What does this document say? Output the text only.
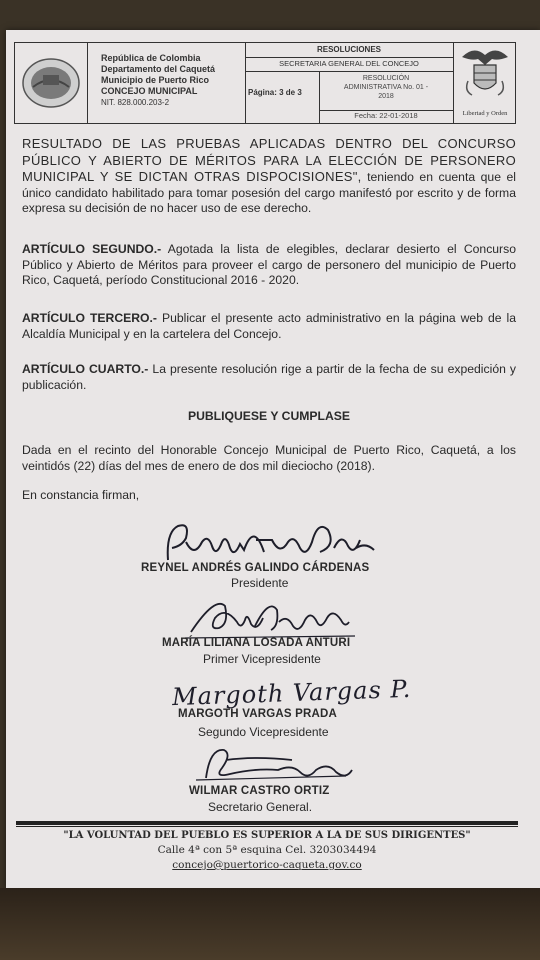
República de Colombia
Departamento del Caquetá
Municipio de Puerto Rico
CONCEJO MUNICIPAL
NIT. 828.000.203-2
RESOLUCIONES
SECRETARIA GENERAL DEL CONCEJO
Página: 3 de 3
RESOLUCIÓN
ADMINISTRATIVA No. 01 -
2018
Fecha: 22-01-2018	Libertad y Orden
RESULTADO DE LAS PRUEBAS APLICADAS DENTRO DEL CONCURSO PÚBLICO Y ABIERTO DE MÉRITOS PARA LA ELECCIÓN DE PERSONERO MUNICIPAL Y SE DICTAN OTRAS DISPOCISIONES", teniendo en cuenta que el único candidato habilitado para tomar posesión del cargo manifestó por escrito y de forma expresa su decisión de no hacer uso de ese derecho.
ARTÍCULO SEGUNDO.- Agotada la lista de elegibles, declarar desierto el Concurso Público y Abierto de Méritos para proveer el cargo de personero del municipio de Puerto Rico, Caquetá, período Constitucional 2016 - 2020.
ARTÍCULO TERCERO.- Publicar el presente acto administrativo en la página web de la Alcaldía Municipal y en la cartelera del Concejo.
ARTÍCULO CUARTO.- La presente resolución rige a partir de la fecha de su expedición y publicación.
PUBLIQUESE Y CUMPLASE
Dada en el recinto del Honorable Concejo Municipal de Puerto Rico, Caquetá, a los veintidós (22) días del mes de enero de dos mil dieciocho (2018).
En constancia firman,
REYNEL ANDRÉS GALINDO CÁRDENAS
Presidente
MARÍA LILIANA LOSADA ANTURI
Primer Vicepresidente
Margoth Vargas P.
MARGOTH VARGAS PRADA
Segundo Vicepresidente
WILMAR CASTRO ORTIZ
Secretario General.
"LA VOLUNTAD DEL PUEBLO ES SUPERIOR A LA DE SUS DIRIGENTES"
Calle 4ª con 5ª esquina Cel. 3203034494
concejo@puertorico-caqueta.gov.co
